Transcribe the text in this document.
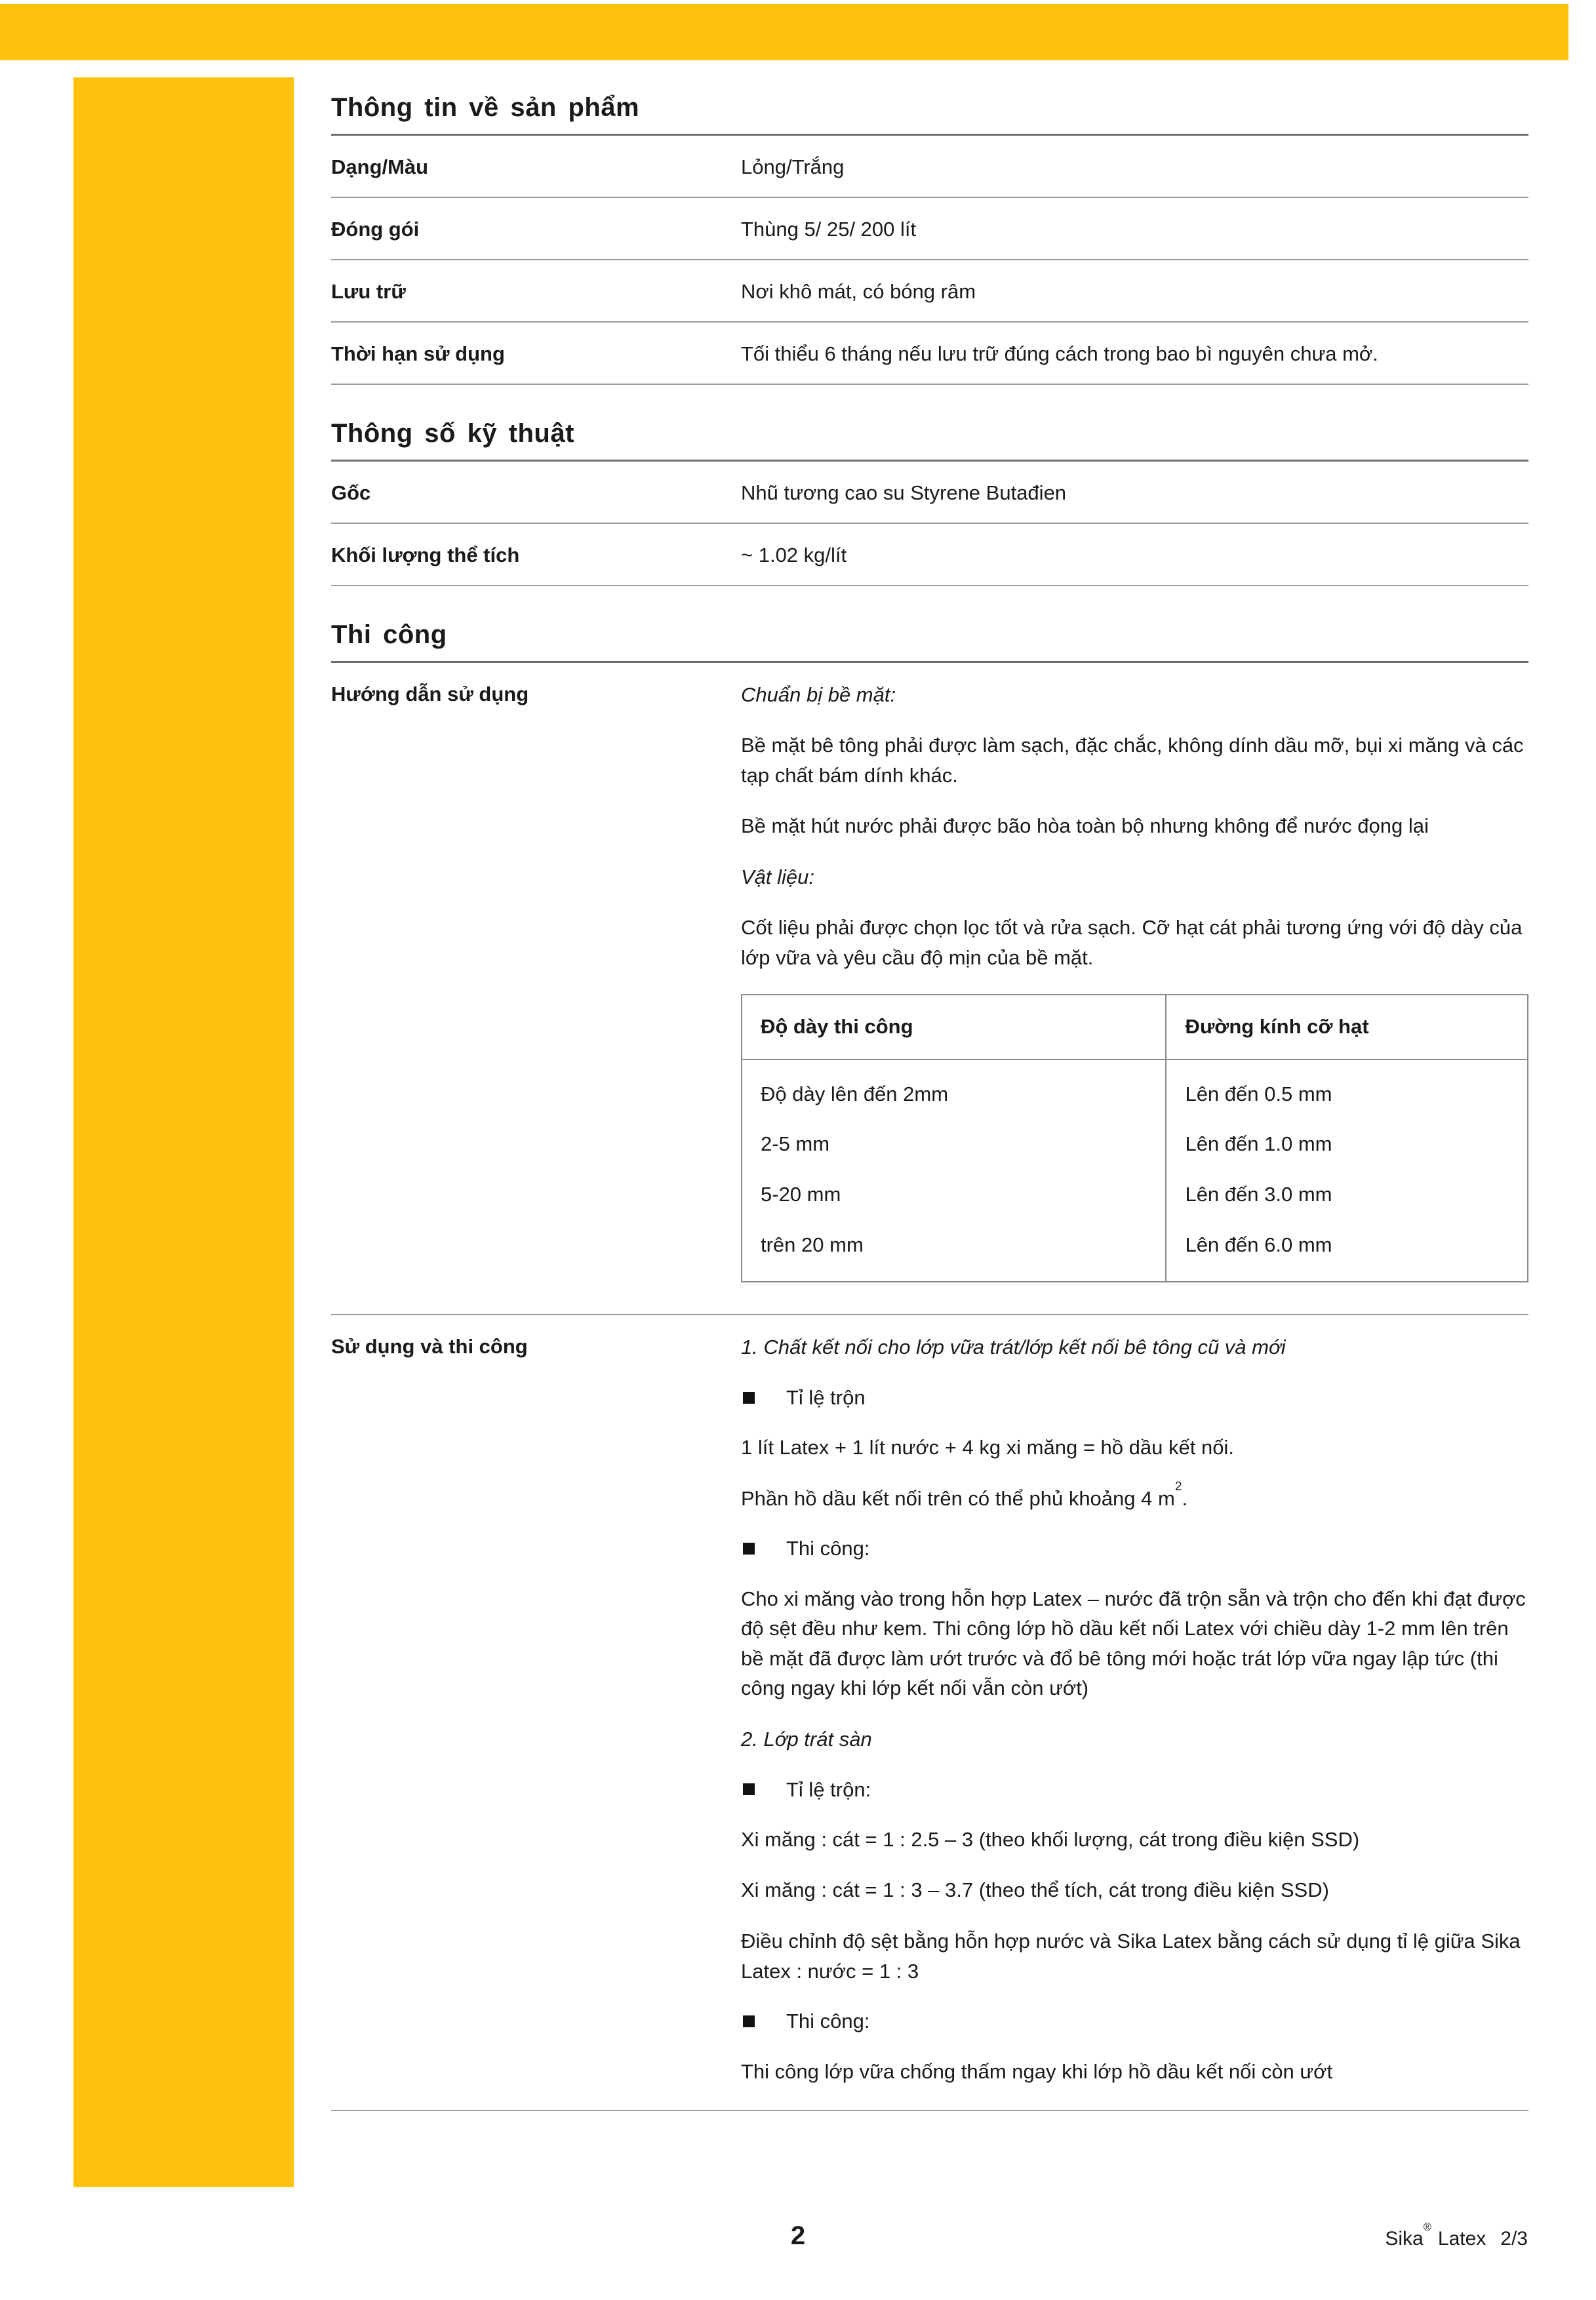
Thông tin về sản phẩm
Dạng/Màu	Lỏng/Trắng
Đóng gói	Thùng 5/ 25/ 200 lít
Lưu trữ	Nơi khô mát, có bóng râm
Thời hạn sử dụng	Tối thiểu 6 tháng nếu lưu trữ đúng cách trong bao bì nguyên chưa mở.
Thông số kỹ thuật
Gốc	Nhũ tương cao su Styrene Butađien
Khối lượng thể tích	~ 1.02 kg/lít
Thi công
Hướng dẫn sử dụng	Chuẩn bị bề mặt:

Bề mặt bê tông phải được làm sạch, đặc chắc, không dính dầu mỡ, bụi xi măng và các tạp chất bám dính khác.

Bề mặt hút nước phải được bão hòa toàn bộ nhưng không để nước đọng lại

Vật liệu:

Cốt liệu phải được chọn lọc tốt và rửa sạch. Cỡ hạt cát phải tương ứng với độ dày của lớp vữa và yêu cầu độ mịn của bề mặt.

Độ dày thi công	Đường kính cỡ hạt
Độ dày lên đến 2mm	Lên đến 0.5 mm
2-5 mm	Lên đến 1.0 mm
5-20 mm	Lên đến 3.0 mm
trên 20 mm	Lên đến 6.0 mm
Sử dụng và thi công	1. Chất kết nối cho lớp vữa trát/lớp kết nối bê tông cũ và mới

Tỉ lệ trộn

1 lít Latex + 1 lít nước + 4 kg xi măng = hồ dầu kết nối.

Phần hồ dầu kết nối trên có thể phủ khoảng 4 $m^2$.

Thi công:

Cho xi măng vào trong hỗn hợp Latex – nước đã trộn sẵn và trộn cho đến khi đạt được độ sệt đều như kem. Thi công lớp hồ dầu kết nối Latex với chiều dày 1-2 mm lên trên bề mặt đã được làm ướt trước và đổ bê tông mới hoặc trát lớp vữa ngay lập tức (thi công ngay khi lớp kết nối vẫn còn ướt)

2. Lớp trát sàn

Tỉ lệ trộn:

Xi măng : cát = 1 : 2.5 – 3 (theo khối lượng, cát trong điều kiện SSD)

Xi măng : cát = 1 : 3 – 3.7 (theo thể tích, cát trong điều kiện SSD)

Điều chỉnh độ sệt bằng hỗn hợp nước và Sika Latex bằng cách sử dụng tỉ lệ giữa Sika Latex : nước = 1 : 3

Thi công:

Thi công lớp vữa chống thấm ngay khi lớp hồ dầu kết nối còn ướt

2	Sika®Latex 2/3
